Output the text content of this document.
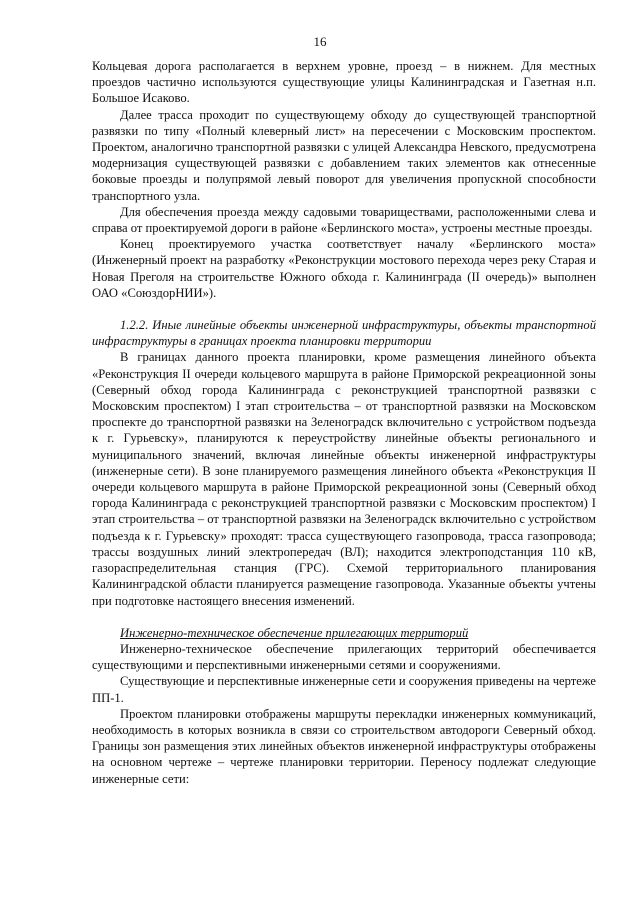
16

Кольцевая дорога располагается в верхнем уровне, проезд – в нижнем. Для местных проездов частично используются существующие улицы Калининградская и Газетная н.п. Большое Исаково.

Далее трасса проходит по существующему обходу до существующей транспортной развязки по типу «Полный клеверный лист» на пересечении с Московским проспектом. Проектом, аналогично транспортной развязки с улицей Александра Невского, предусмотрена модернизация существующей развязки с добавлением таких элементов как отнесенные боковые проезды и полупрямой левый поворот для увеличения пропускной способности транспортного узла.

Для обеспечения проезда между садовыми товариществами, расположенными слева и справа от проектируемой дороги в районе «Берлинского моста», устроены местные проезды.

Конец проектируемого участка соответствует началу «Берлинского моста» (Инженерный проект на разработку «Реконструкции мостового перехода через реку Старая и Новая Преголя на строительстве Южного обхода г. Калининграда (II очередь)» выполнен ОАО «СоюздорНИИ»).

1.2.2. Иные линейные объекты инженерной инфраструктуры, объекты транспортной инфраструктуры в границах проекта планировки территории

В границах данного проекта планировки, кроме размещения линейного объекта «Реконструкция II очереди кольцевого маршрута в районе Приморской рекреационной зоны (Северный обход города Калининграда с реконструкцией транспортной развязки с Московским проспектом) I этап строительства – от транспортной развязки на Московском проспекте до транспортной развязки на Зеленоградск включительно с устройством подъезда к г. Гурьевску», планируются к переустройству линейные объекты регионального и муниципального значений, включая линейные объекты инженерной инфраструктуры (инженерные сети). В зоне планируемого размещения линейного объекта «Реконструкция II очереди кольцевого маршрута в районе Приморской рекреационной зоны (Северный обход города Калининграда с реконструкцией транспортной развязки с Московским проспектом) I этап строительства – от транспортной развязки на Зеленоградск включительно с устройством подъезда к г. Гурьевску» проходят: трасса существующего газопровода, трасса газопровода; трассы воздушных линий электропередач (ВЛ); находится электроподстанция 110 кВ, газораспределительная станция (ГРС). Схемой территориального планирования Калининградской области планируется размещение газопровода. Указанные объекты учтены при подготовке настоящего внесения изменений.

Инженерно-техническое обеспечение прилегающих территорий

Инженерно-техническое обеспечение прилегающих территорий обеспечивается существующими и перспективными инженерными сетями и сооружениями.

Существующие и перспективные инженерные сети и сооружения приведены на чертеже ПП-1.

Проектом планировки отображены маршруты перекладки инженерных коммуникаций, необходимость в которых возникла в связи со строительством автодороги Северный обход. Границы зон размещения этих линейных объектов инженерной инфраструктуры отображены на основном чертеже – чертеже планировки территории. Переносу подлежат следующие инженерные сети:
